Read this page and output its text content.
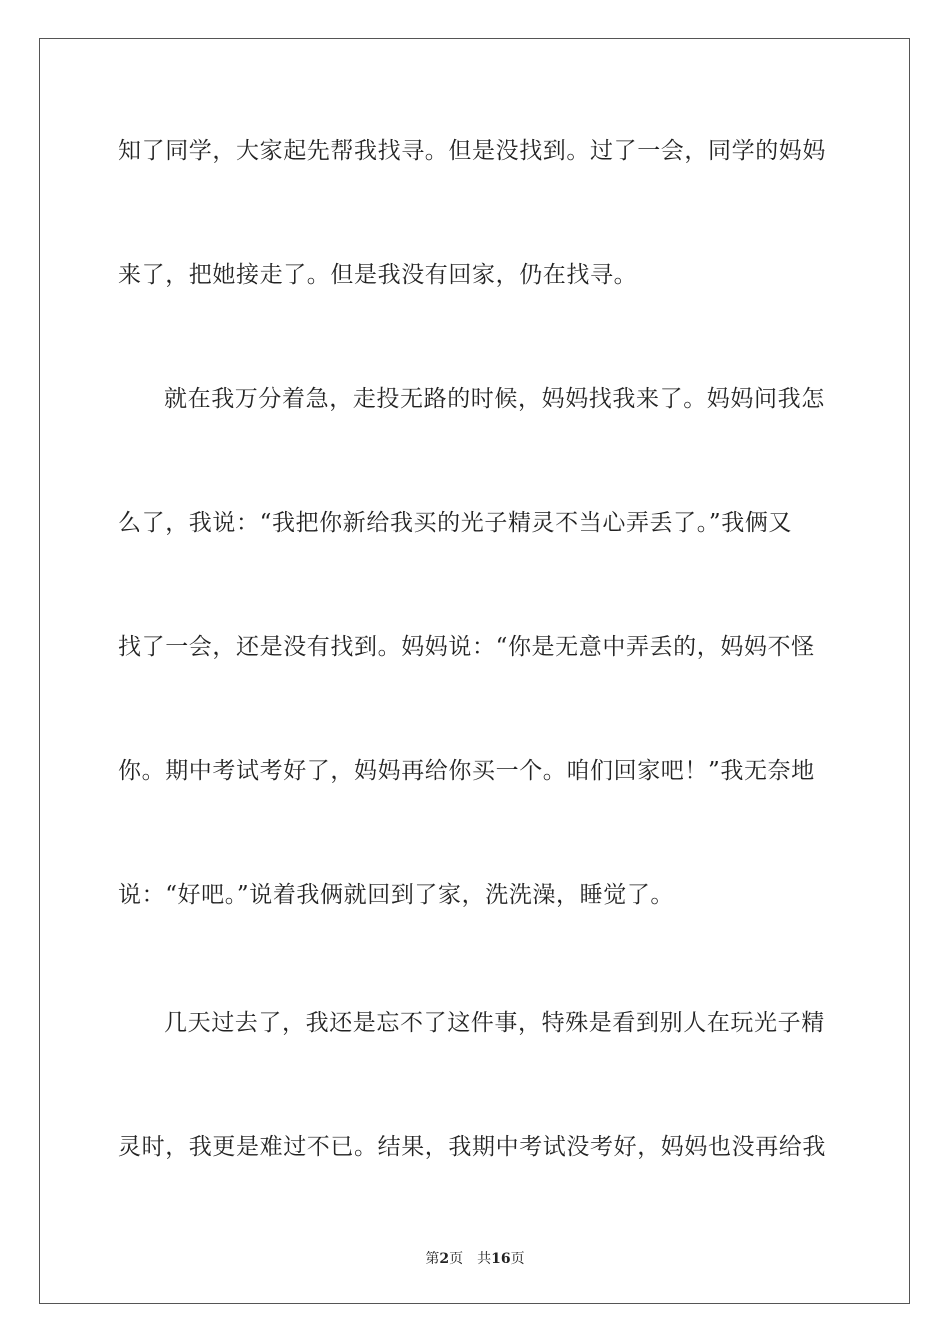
知了同学，大家起先帮我找寻。但是没找到。过了一会，同学的妈妈
来了，把她接走了。但是我没有回家，仍在找寻。
就在我万分着急，走投无路的时候，妈妈找我来了。妈妈问我怎
么了，我说：“我把你新给我买的光子精灵不当心弄丢了。”我俩又
找了一会，还是没有找到。妈妈说：“你是无意中弄丢的，妈妈不怪
你。期中考试考好了，妈妈再给你买一个。咱们回家吧！”我无奈地
说：“好吧。”说着我俩就回到了家，洗洗澡，睡觉了。
几天过去了，我还是忘不了这件事，特殊是看到别人在玩光子精
灵时，我更是难过不已。结果，我期中考试没考好，妈妈也没再给我
第2页 共16页
